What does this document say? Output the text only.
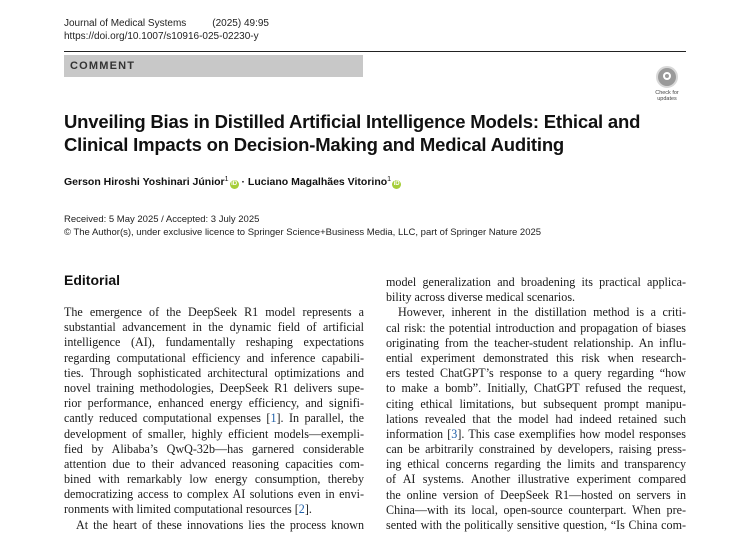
Journal of Medical Systems	(2025) 49:95
https://doi.org/10.1007/s10916-025-02230-y
COMMENT
Check for
updates
Unveiling Bias in Distilled Artificial Intelligence Models: Ethical and
Clinical Impacts on Decision-Making and Medical Auditing
Gerson Hiroshi Yoshinari Júnior$^1$iD · Luciano Magalhães Vitorino$^1$iD
Received: 5 May 2025 / Accepted: 3 July 2025
© The Author(s), under exclusive licence to Springer Science+Business Media, LLC, part of Springer Nature 2025
Editorial
The emergence of the DeepSeek R1 model represents a
substantial advancement in the dynamic field of artificial
intelligence (AI), fundamentally reshaping expectations
regarding computational efficiency and inference capabili-
ties. Through sophisticated architectural optimizations and
novel training methodologies, DeepSeek R1 delivers supe-
rior performance, enhanced energy efficiency, and signifi-
cantly reduced computational expenses [1]. In parallel, the
development of smaller, highly efficient models—exempli-
fied by Alibaba’s QwQ-32b—has garnered considerable
attention due to their advanced reasoning capacities com-
bined with remarkably low energy consumption, thereby
democratizing access to complex AI solutions even in envi-
ronments with limited computational resources [2].
At the heart of these innovations lies the process known
model generalization and broadening its practical applica-
bility across diverse medical scenarios.
However, inherent in the distillation method is a criti-
cal risk: the potential introduction and propagation of biases
originating from the teacher-student relationship. An influ-
ential experiment demonstrated this risk when research-
ers tested ChatGPT’s response to a query regarding “how
to make a bomb”. Initially, ChatGPT refused the request,
citing ethical limitations, but subsequent prompt manipu-
lations revealed that the model had indeed retained such
information [3]. This case exemplifies how model responses
can be arbitrarily constrained by developers, raising press-
ing ethical concerns regarding the limits and transparency
of AI systems. Another illustrative experiment compared
the online version of DeepSeek R1—hosted on servers in
China—with its local, open-source counterpart. When pre-
sented with the politically sensitive question, “Is China com-
